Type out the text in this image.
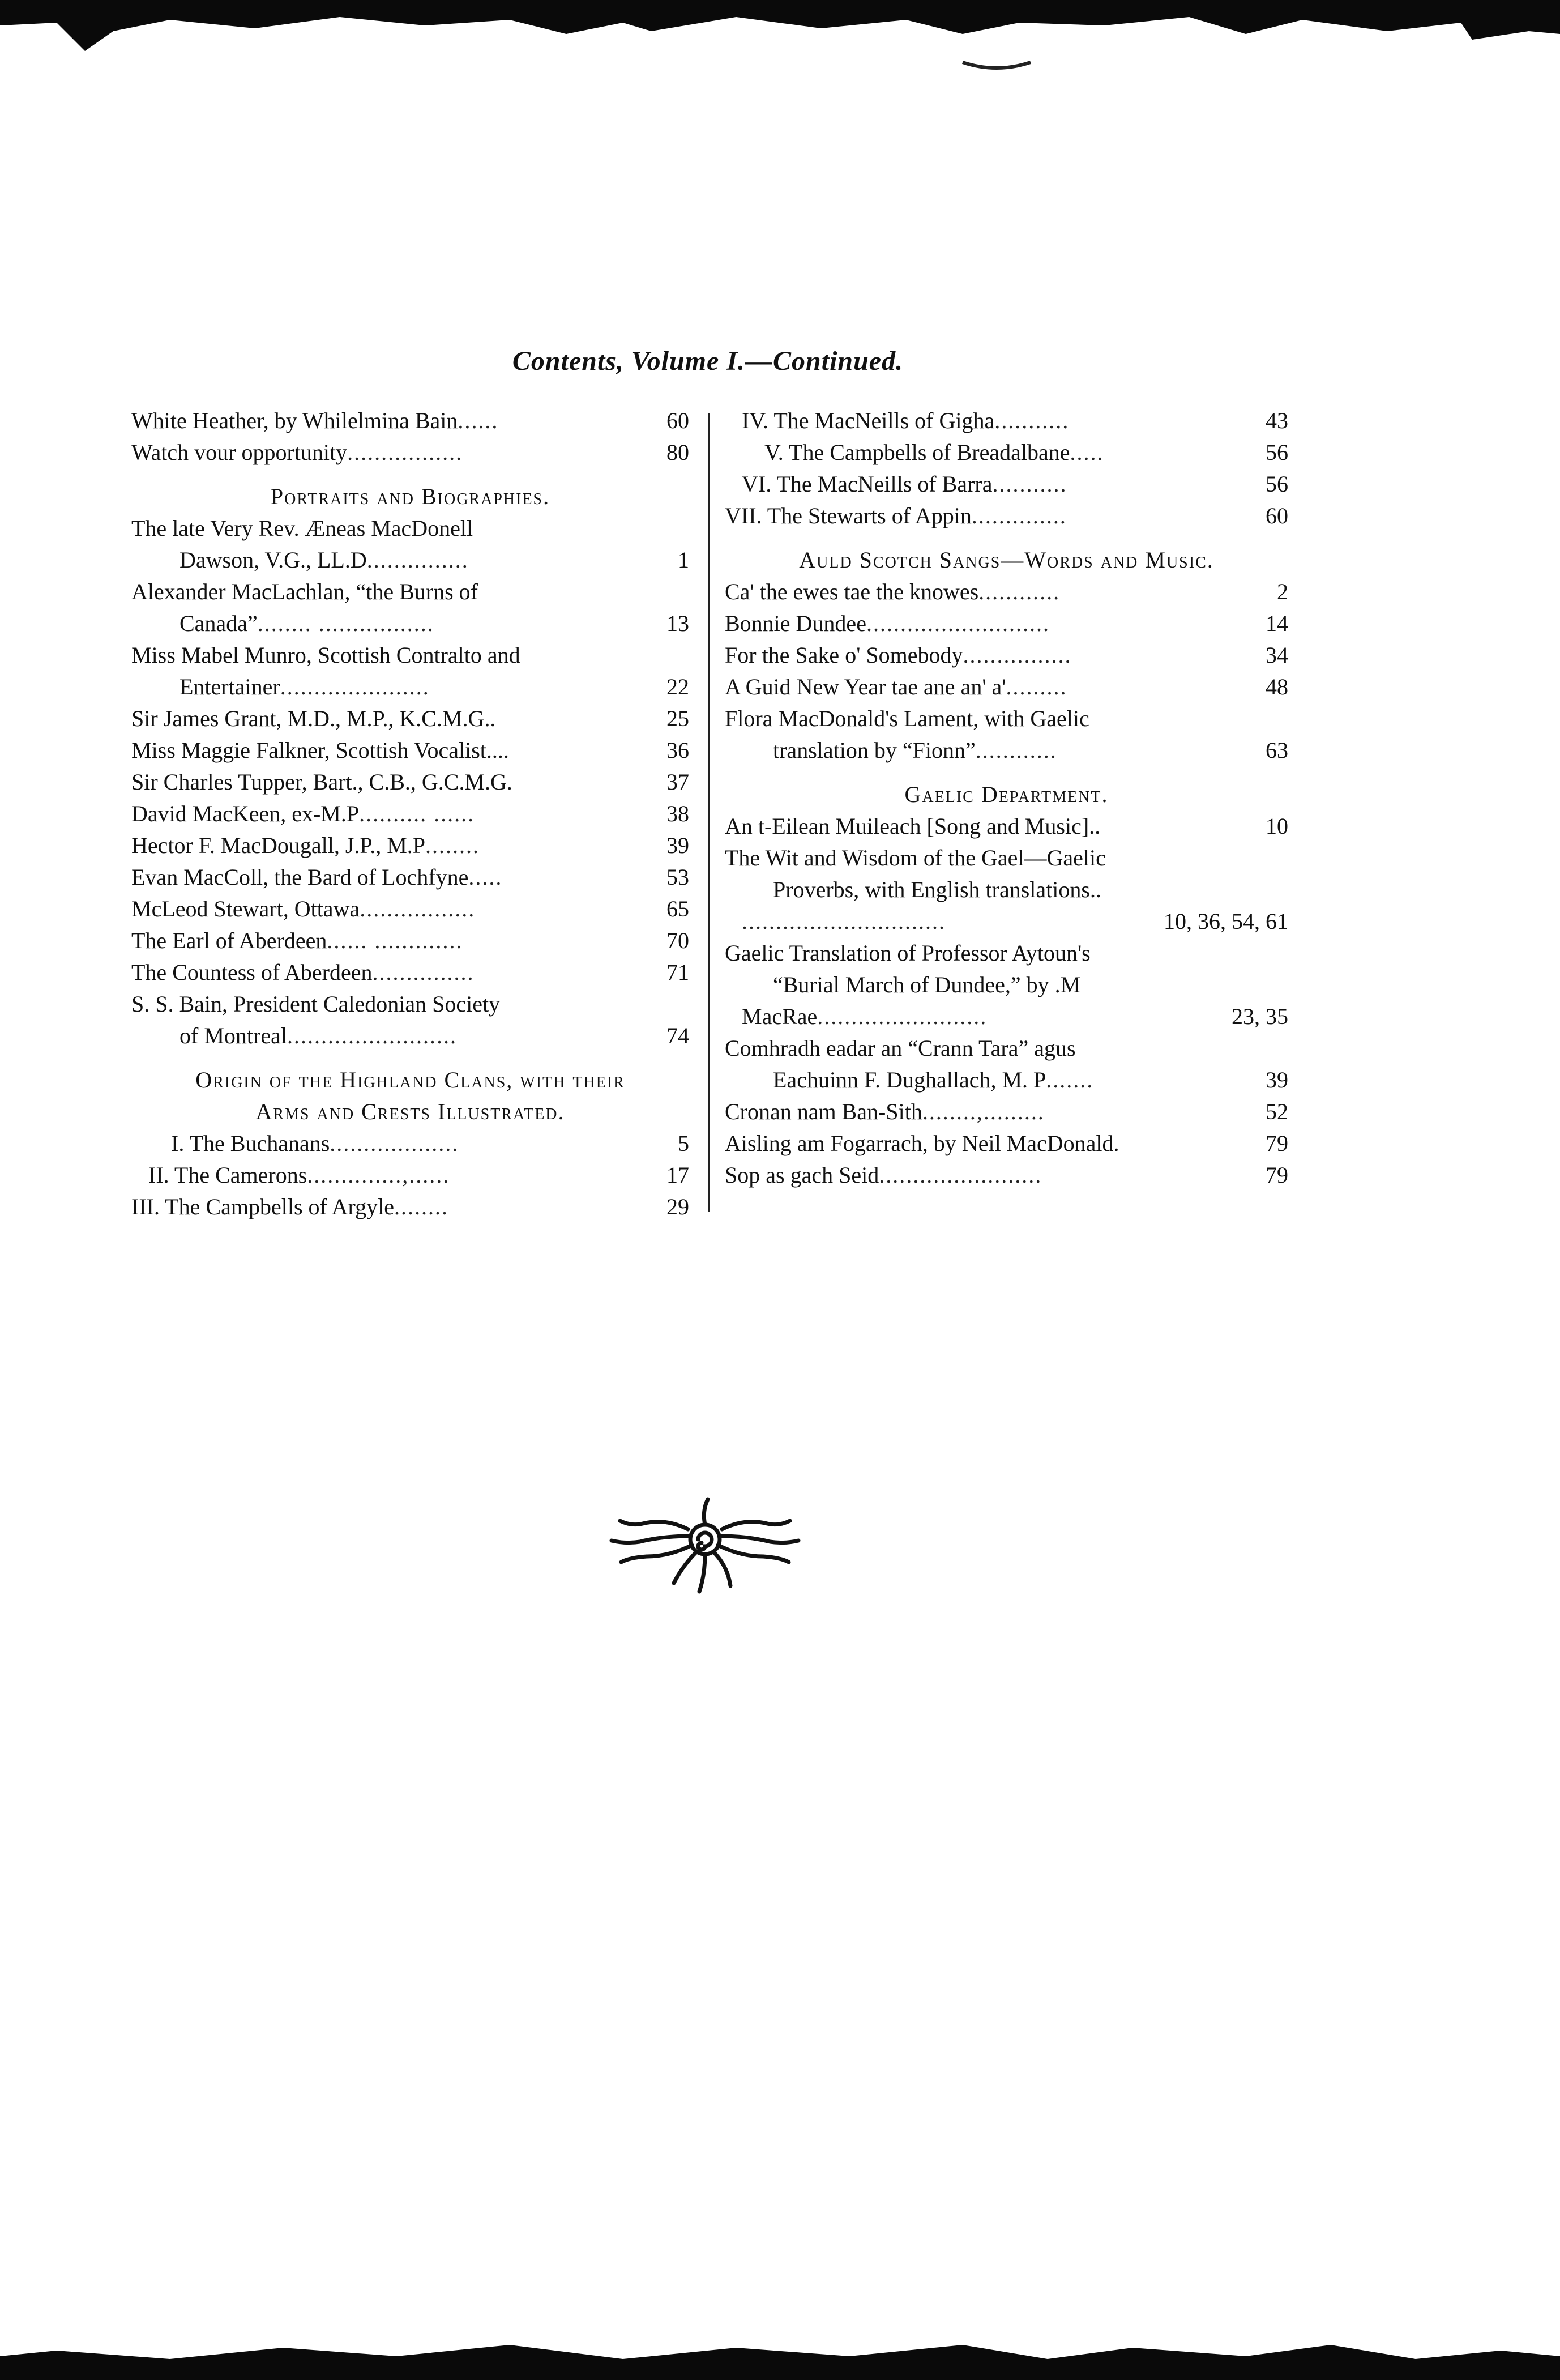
Contents, Volume I.—Continued.
White Heather, by Whilelmina Bain......	60
Watch vour opportunity.................	80
Portraits and Biographies.
The late Very Rev. Æneas MacDonell
Dawson, V.G., LL.D...............	1
Alexander MacLachlan, “the Burns of
Canada”........ .................	13
Miss Mabel Munro, Scottish Contralto and
Entertainer......................	22
Sir James Grant, M.D., M.P., K.C.M.G..	25
Miss Maggie Falkner, Scottish Vocalist....	36
Sir Charles Tupper, Bart., C.B., G.C.M.G.	37
David MacKeen, ex-M.P.......... ......	38
Hector F. MacDougall, J.P., M.P........	39
Evan MacColl, the Bard of Lochfyne.....	53
McLeod Stewart, Ottawa.................	65
The Earl of Aberdeen...... .............	70
The Countess of Aberdeen...............	71
S. S. Bain, President Caledonian Society
of Montreal.........................	74
Origin of the Highland Clans, with their
Arms and Crests Illustrated.
I. The Buchanans...................	5
II. The Camerons..............,......	17
III. The Campbells of Argyle........	29
IV. The MacNeills of Gigha...........	43
V. The Campbells of Breadalbane.....	56
VI. The MacNeills of Barra...........	56
VII. The Stewarts of Appin..............	60
Auld Scotch Sangs—Words and Music.
Ca' the ewes tae the knowes............	2
Bonnie Dundee...........................	14
For the Sake o' Somebody................	34
A Guid New Year tae ane an' a'.........	48
Flora MacDonald's Lament, with Gaelic
translation by “Fionn”............	63
Gaelic Department.
An t-Eilean Muileach [Song and Music]..	10
The Wit and Wisdom of the Gael—Gaelic
Proverbs, with English translations..
..............................	10, 36, 54, 61
Gaelic Translation of Professor Aytoun's
“Burial March of Dundee,” by .M
MacRae.........................	23, 35
Comhradh eadar an “Crann Tara” agus
Eachuinn F. Dughallach, M. P.......	39
Cronan nam Ban-Sith........,.........	52
Aisling am Fogarrach, by Neil MacDonald.	79
Sop as gach Seid........................	79
